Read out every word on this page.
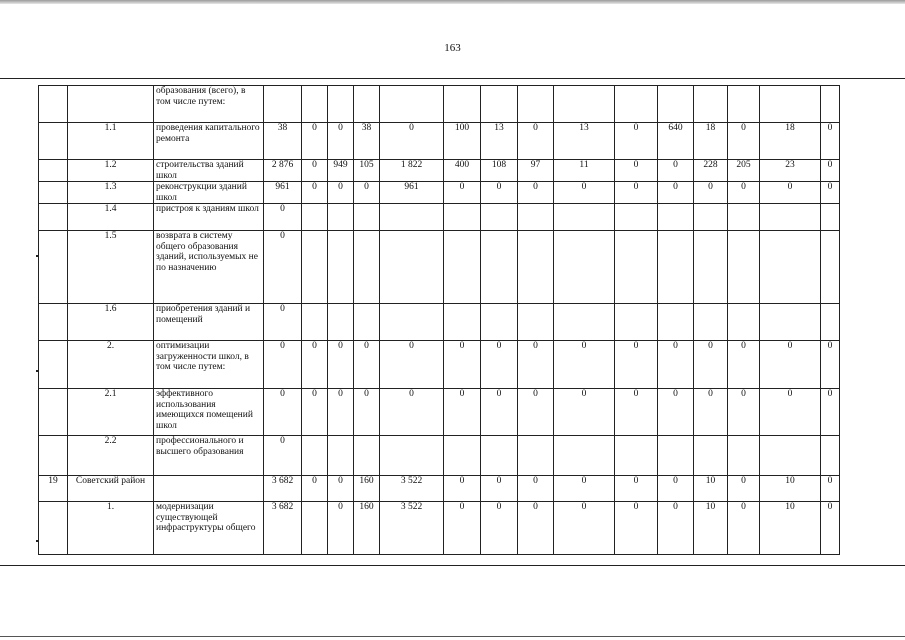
163
		образования (всего), в том числе путем:															
	1.1	проведения капитального ремонта	38	0	0	38	0	100	13	0	13	0	640	18	0	18	0
	1.2	строительства зданий школ	2 876	0	949	105	1 822	400	108	97	11	0	0	228	205	23	0
	1.3	реконструкции зданий школ	961	0	0	0	961	0	0	0	0	0	0	0	0	0	0
	1.4	пристроя к зданиям школ	0														
	1.5	возврата в систему общего образования зданий, используемых не по назначению	0														
	1.6	приобретения зданий и помещений	0														
	2.	оптимизации загруженности школ, в том числе путем:	0	0	0	0	0	0	0	0	0	0	0	0	0	0	0
	2.1	эффективного использования имеющихся помещений школ	0	0	0	0	0	0	0	0	0	0	0	0	0	0	0
	2.2	профессионального и высшего образования	0														
19	Советский район		3 682	0	0	160	3 522	0	0	0	0	0	0	10	0	10	0
	1.	модернизации существующей инфраструктуры общего	3 682		0	160	3 522	0	0	0	0	0	0	10	0	10	0
